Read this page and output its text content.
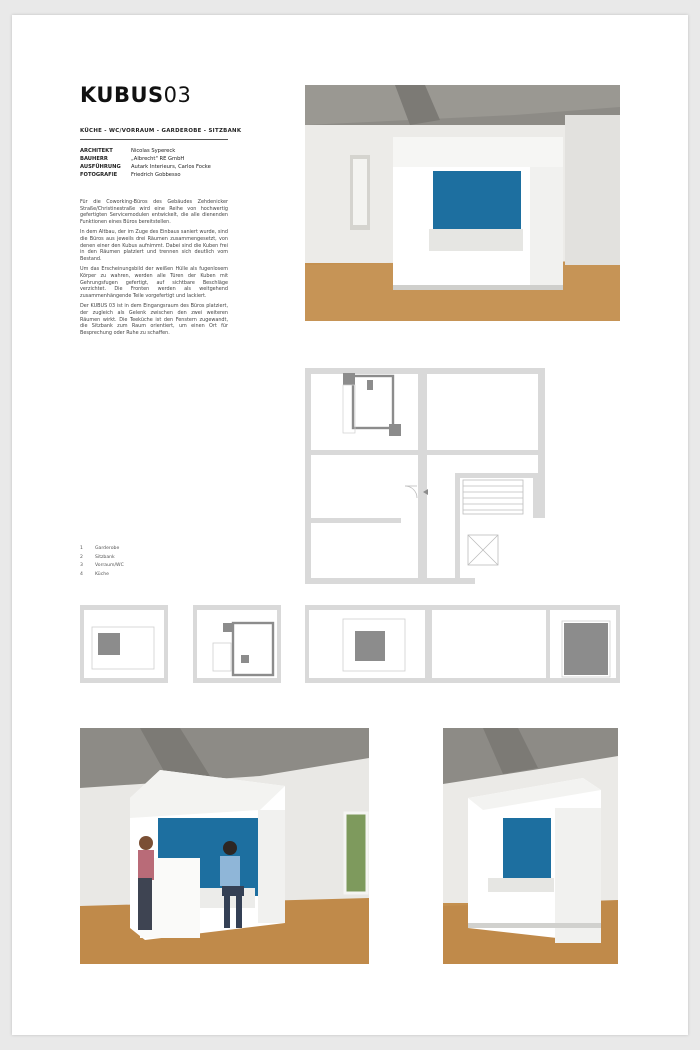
KUBUS03
KÜCHE - WC/VORRAUM - GARDEROBE - SITZBANK
ARCHITEKT	Nicolas Sypereck
BAUHERR	„Albrecht" RE GmbH
AUSFÜHRUNG	Autark Interieurs, Carlos Focke
FOTOGRAFIE	Friedrich Gobbesso

Für die Coworking-Büros des Gebäudes Zehdenicker Straße/Christinestraße wird eine Reihe von hochwertig gefertigten Servicemodulen entwickelt, die alle dienenden Funktionen eines Büros bereitstellen.

In dem Altbau, der im Zuge des Einbaus saniert wurde, sind die Büros aus jeweils drei Räumen zusammengesetzt, von denen einer den Kubus aufnimmt. Dabei sind die Kuben frei in den Räumen platziert und trennen sich deutlich vom Bestand.

Um das Erscheinungsbild der weißen Hülle als fugenlosem Körper zu wahren, werden alle Türen der Kuben mit Gehrungsfugen gefertigt, auf sichtbare Beschläge verzichtet. Die Fronten werden als weitgehend zusammenhängende Teile vorgefertigt und lackiert.

Der KUBUS 03 ist in dem Eingangsraum des Büros platziert, der zugleich als Gelenk zwischen den zwei weiteren Räumen wirkt. Die Teeküche ist den Fenstern zugewandt, die Sitzbank zum Raum orientiert, um einen Ort für Besprechung oder Ruhe zu schaffen.

1	Garderobe
2	Sitzbank
3	Vorraum/WC
4	Küche
